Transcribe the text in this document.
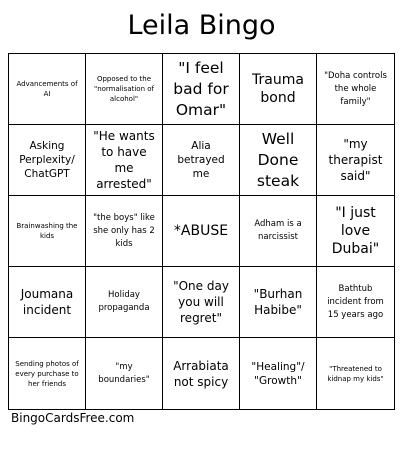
Leila Bingo
Advancements of AI
Opposed to the "normalisation of alcohol"
"I feel bad for Omar"
Trauma bond
"Doha controls the whole family"
Asking Perplexity/ ChatGPT
"He wants to have me arrested"
Alia betrayed me
Well Done steak
"my therapist said"
Brainwashing the kids
"the boys" like she only has 2 kids
*ABUSE	Adham is a narcissist
"I just love Dubai"
Joumana incident
Holiday propaganda
"One day you will regret"
"Burhan Habibe"
Bathtub incident from 15 years ago
Sending photos of every purchase to her friends
"my boundaries"
Arrabiata not spicy
"Healing"/ "Growth"
"Threatened to kidnap my kids"
BingoCardsFree.com
